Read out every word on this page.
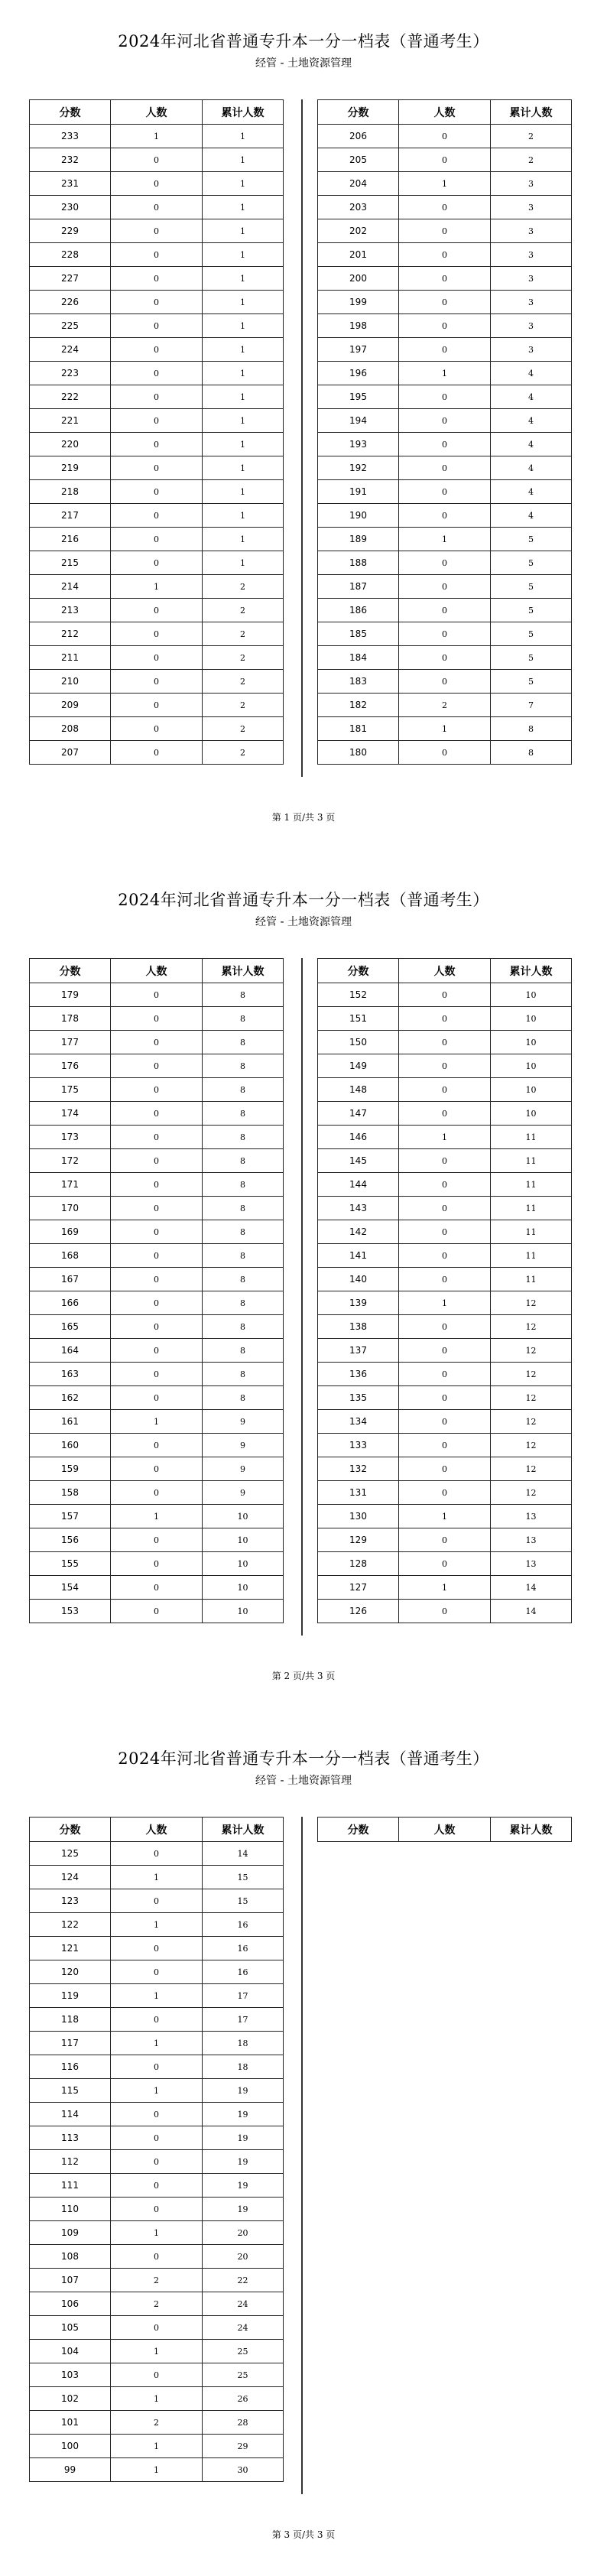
2024年河北省普通专升本一分一档表（普通考生）
经管 - 土地资源管理
分数	人数	累计人数
233	1	1
232	0	1
231	0	1
230	0	1
229	0	1
228	0	1
227	0	1
226	0	1
225	0	1
224	0	1
223	0	1
222	0	1
221	0	1
220	0	1
219	0	1
218	0	1
217	0	1
216	0	1
215	0	1
214	1	2
213	0	2
212	0	2
211	0	2
210	0	2
209	0	2
208	0	2
207	0	2
分数	人数	累计人数
206	0	2
205	0	2
204	1	3
203	0	3
202	0	3
201	0	3
200	0	3
199	0	3
198	0	3
197	0	3
196	1	4
195	0	4
194	0	4
193	0	4
192	0	4
191	0	4
190	0	4
189	1	5
188	0	5
187	0	5
186	0	5
185	0	5
184	0	5
183	0	5
182	2	7
181	1	8
180	0	8
第 1 页/共 3 页
2024年河北省普通专升本一分一档表（普通考生）
经管 - 土地资源管理
分数	人数	累计人数
179	0	8
178	0	8
177	0	8
176	0	8
175	0	8
174	0	8
173	0	8
172	0	8
171	0	8
170	0	8
169	0	8
168	0	8
167	0	8
166	0	8
165	0	8
164	0	8
163	0	8
162	0	8
161	1	9
160	0	9
159	0	9
158	0	9
157	1	10
156	0	10
155	0	10
154	0	10
153	0	10
分数	人数	累计人数
152	0	10
151	0	10
150	0	10
149	0	10
148	0	10
147	0	10
146	1	11
145	0	11
144	0	11
143	0	11
142	0	11
141	0	11
140	0	11
139	1	12
138	0	12
137	0	12
136	0	12
135	0	12
134	0	12
133	0	12
132	0	12
131	0	12
130	1	13
129	0	13
128	0	13
127	1	14
126	0	14
第 2 页/共 3 页
2024年河北省普通专升本一分一档表（普通考生）
经管 - 土地资源管理
分数	人数	累计人数
125	0	14
124	1	15
123	0	15
122	1	16
121	0	16
120	0	16
119	1	17
118	0	17
117	1	18
116	0	18
115	1	19
114	0	19
113	0	19
112	0	19
111	0	19
110	0	19
109	1	20
108	0	20
107	2	22
106	2	24
105	0	24
104	1	25
103	0	25
102	1	26
101	2	28
100	1	29
99	1	30
分数	人数	累计人数
第 3 页/共 3 页
